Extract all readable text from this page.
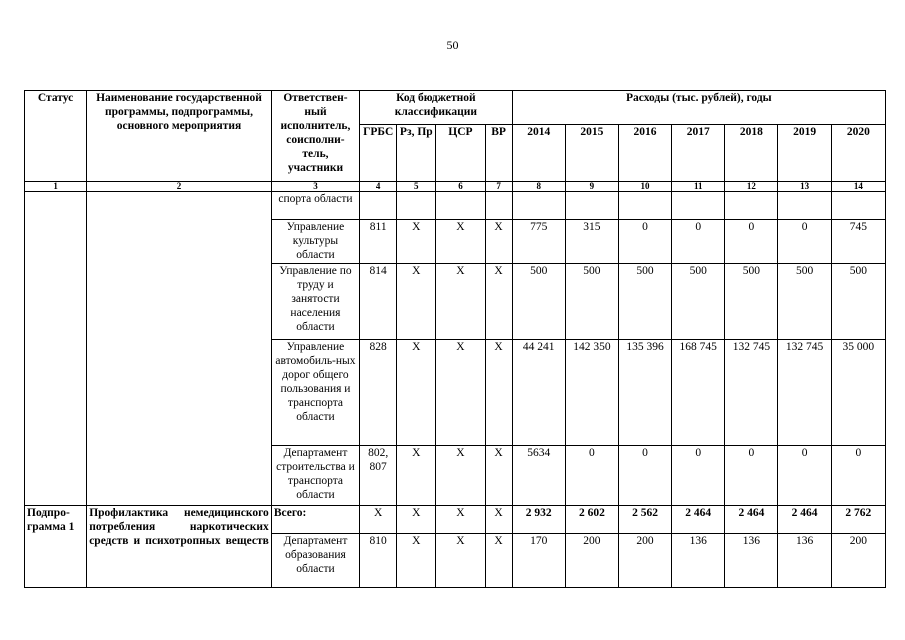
50
Статус	Наименование государственной программы, подпрограммы, основного мероприятия	Ответствен-ный исполнитель, соисполни-тель, участники	Код бюджетной классификации				Расходы (тыс. рублей), годы						
			ГРБС	Рз, Пр	ЦСР	ВР	2014	2015	2016	2017	2018	2019	2020
1	2	3	4	5	6	7	8	9	10	11	12	13	14
		спорта области											
		Управление культуры области	811	Х	Х	Х	775	315	0	0	0	0	745
		Управление по труду и занятости населения области	814	Х	Х	Х	500	500	500	500	500	500	500
		Управление автомобиль-ных дорог общего пользования и транспорта области	828	Х	Х	Х	44 241	142 350	135 396	168 745	132 745	132 745	35 000
		Департамент строительства и транспорта области	802, 807	Х	Х	Х	5634	0	0	0	0	0	0
Подпро-грамма 1	Профилактика немедицинского потребления наркотических средств и психотропных веществ	Всего:	Х	Х	Х	Х	2 932	2 602	2 562	2 464	2 464	2 464	2 762
		Департамент образования области	810	Х	Х	Х	170	200	200	136	136	136	200
